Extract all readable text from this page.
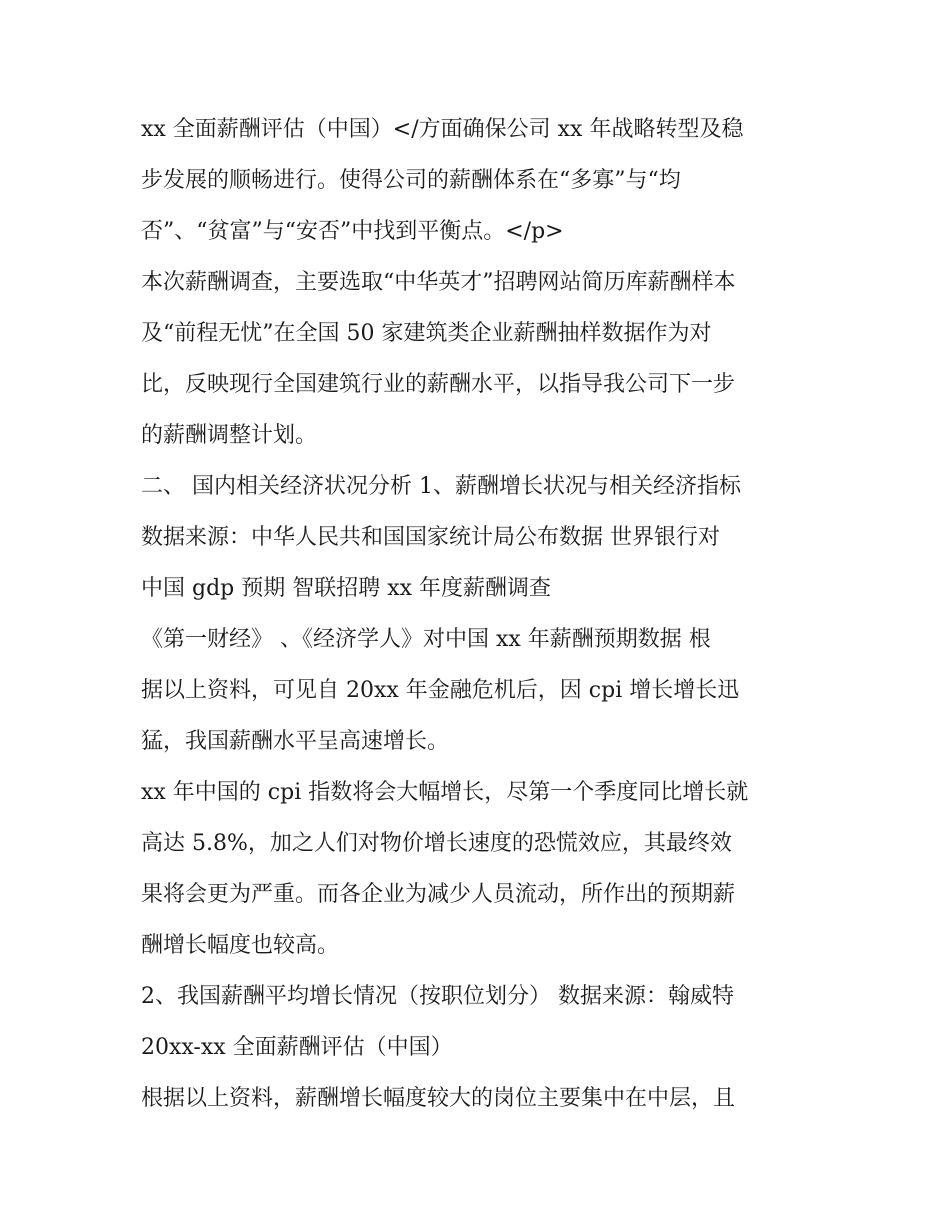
xx 全面薪酬评估（中国）</方面确保公司 xx 年战略转型及稳
步发展的顺畅进行。使得公司的薪酬体系在“多寡”与“均
否”、“贫富”与“安否”中找到平衡点。</p>
本次薪酬调查，主要选取“中华英才”招聘网站简历库薪酬样本
及“前程无忧”在全国 50 家建筑类企业薪酬抽样数据作为对
比，反映现行全国建筑行业的薪酬水平，以指导我公司下一步
的薪酬调整计划。
二、 国内相关经济状况分析 1、薪酬增长状况与相关经济指标
数据来源：中华人民共和国国家统计局公布数据 世界银行对
中国 gdp 预期 智联招聘 xx 年度薪酬调查
《第一财经》 、《经济学人》对中国 xx 年薪酬预期数据 根
据以上资料，可见自 20xx 年金融危机后，因 cpi 增长增长迅
猛，我国薪酬水平呈高速增长。
xx 年中国的 cpi 指数将会大幅增长，尽第一个季度同比增长就
高达 5.8%，加之人们对物价增长速度的恐慌效应，其最终效
果将会更为严重。而各企业为减少人员流动，所作出的预期薪
酬增长幅度也较高。
2、我国薪酬平均增长情况（按职位划分） 数据来源：翰威特
20xx-xx 全面薪酬评估（中国）
根据以上资料，薪酬增长幅度较大的岗位主要集中在中层，且
